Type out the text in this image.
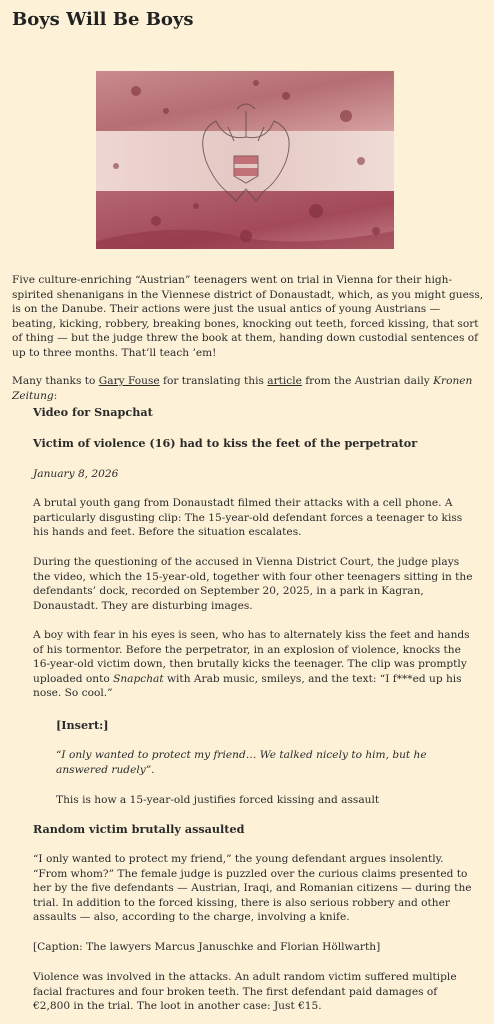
Boys Will Be Boys

Five culture-enriching “Austrian” teenagers went on trial in Vienna for their high-spirited shenanigans in the Viennese district of Donaustadt, which, as you might guess, is on the Danube. Their actions were just the usual antics of young Austrians — beating, kicking, robbery, breaking bones, knocking out teeth, forced kissing, that sort of thing — but the judge threw the book at them, handing down custodial sentences of up to three months. That’ll teach ’em!

Many thanks to Gary Fouse for translating this article from the Austrian daily Kronen Zeitung:

Video for Snapchat

Victim of violence (16) had to kiss the feet of the perpetrator

January 8, 2026

A brutal youth gang from Donaustadt filmed their attacks with a cell phone. A particularly disgusting clip: The 15-year-old defendant forces a teenager to kiss his hands and feet. Before the situation escalates.

During the questioning of the accused in Vienna District Court, the judge plays the video, which the 15-year-old, together with four other teenagers sitting in the defendants’ dock, recorded on September 20, 2025, in a park in Kagran, Donaustadt. They are disturbing images.

A boy with fear in his eyes is seen, who has to alternately kiss the feet and hands of his tormentor. Before the perpetrator, in an explosion of violence, knocks the 16-year-old victim down, then brutally kicks the teenager. The clip was promptly uploaded onto Snapchat with Arab music, smileys, and the text: “I f***ed up his nose. So cool.”

[Insert:]

“I only wanted to protect my friend… We talked nicely to him, but he answered rudely”.

This is how a 15-year-old justifies forced kissing and assault

Random victim brutally assaulted

“I only wanted to protect my friend,” the young defendant argues insolently. “From whom?” The female judge is puzzled over the curious claims presented to her by the five defendants — Austrian, Iraqi, and Romanian citizens — during the trial. In addition to the forced kissing, there is also serious robbery and other assaults — also, according to the charge, involving a knife.

[Caption: The lawyers Marcus Januschke and Florian Höllwarth]

Violence was involved in the attacks. An adult random victim suffered multiple facial fractures and four broken teeth. The first defendant paid damages of €2,800 in the trial. The loot in another case: Just €15.
